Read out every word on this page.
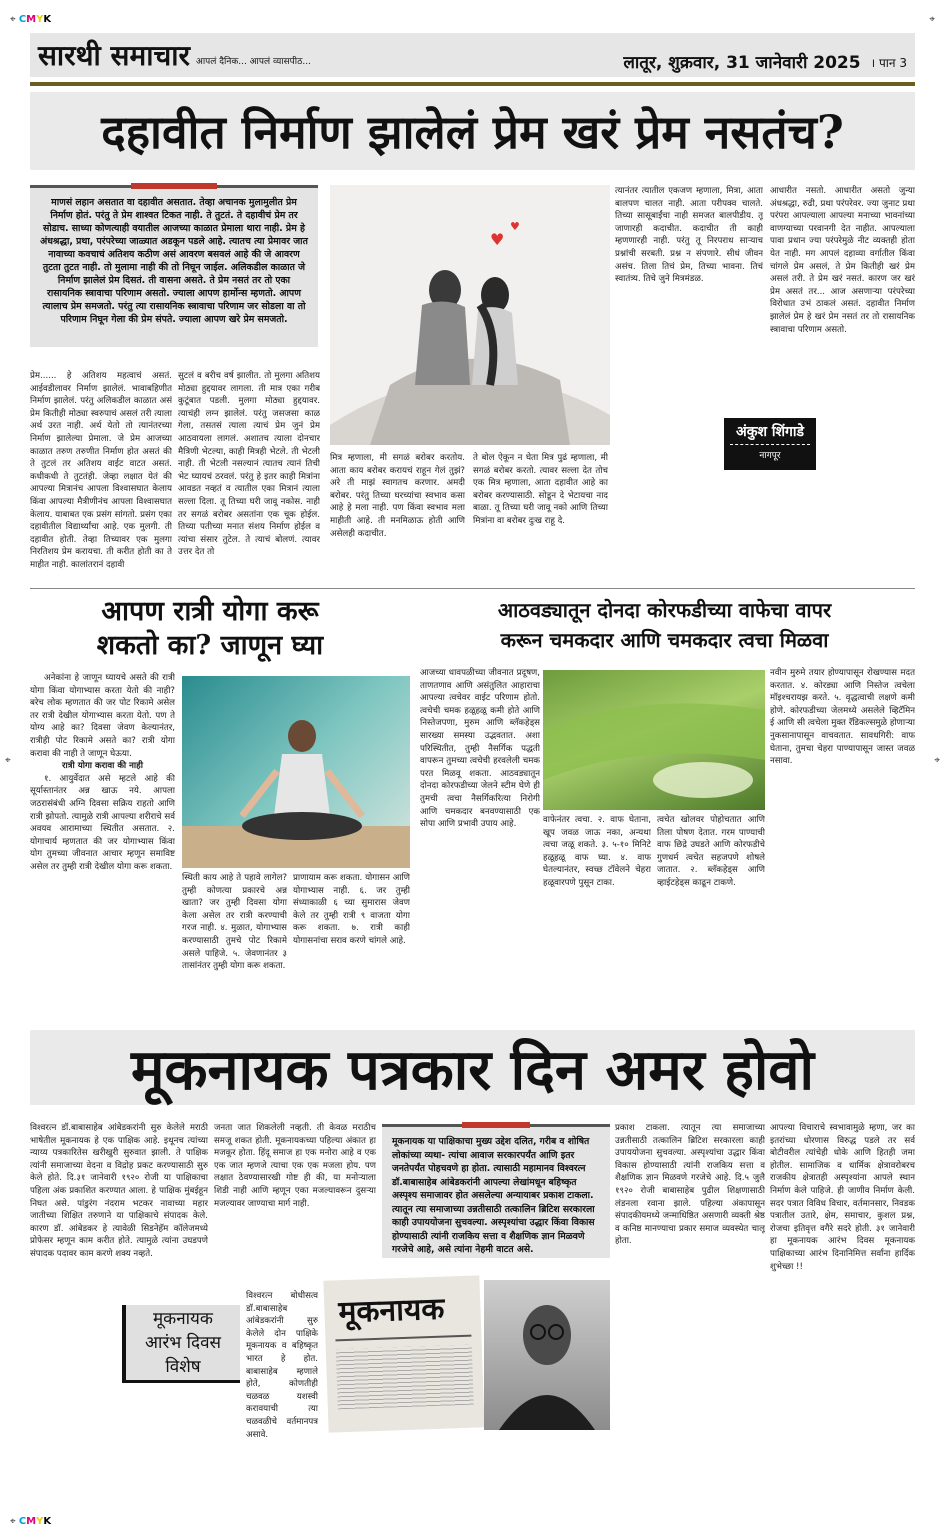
⌖ CMYK	⌖
⌖ CMYK
⌖	⌖
सारथी समाचार आपलं दैनिक... आपलं व्यासपीठ...	लातूर, शुक्रवार, 31 जानेवारी 2025 । पान 3
दहावीत निर्माण झालेलं प्रेम खरं प्रेम नसतंच?
माणसं लहान असतात वा दहावीत असतात. तेव्हा अचानक मुलामुलीत प्रेम निर्माण होतं. परंतु ते प्रेम शाश्वत टिकत नाही. ते तुटतं. ते दहावीचं प्रेम तर सोडाच. साध्या कोणत्याही वयातील आजच्या काळात प्रेमाला थारा नाही. प्रेम हे अंधश्रद्धा, प्रथा, परंपरेच्या जाळ्यात अडकून पडले आहे. त्यातच त्या प्रेमावर जात नावाच्या कवचाचं अतिशय कठीण असं आवरण बसवलं आहे की जे आवरण तुटता तुटत नाही. तो मुलामा नाही की तो निघून जाईल. अलिकडील काळात जे निर्माण झालेलं प्रेम दिसतं. ती वासना असते. ते प्रेम नसतं तर तो एका रासायनिक स्त्रावाचा परिणाम असतो. ज्याला आपण हार्मोन्स म्हणतो. आपण त्यालाच प्रेम समजतो. परंतु त्या रासायनिक स्त्रावाचा परिणाम जर सोडला वा तो परिणाम निघून गेला की प्रेम संपते. ज्याला आपण खरे प्रेम समजतो.
♥
♥
प्रेम...... हे अतिशय महत्वाचं असतं. आईवडीलावर निर्माण झालेलं. भावाबहिणीत निर्माण झालेलं. परंतु अलिकडील काळात असं प्रेम कितीही मोठ्या स्वरुपाचं असलं तरी त्याला अर्थ उरत नाही. अर्थ येतो तो त्यानंतरच्या निर्माण झालेल्या प्रेमाला. जे प्रेम आजच्या काळात तरुण तरुणीत निर्माण होत असतं की ते तुटलं तर अतिशय वाईट वाटत असतं. कधीकधी ते तुटतंही. जेव्हा लक्षात येतं की आपल्या मित्रानंच आपला विश्वासघात केलाय किंवा आपल्या मैत्रीणीनंच आपला विश्वासघात केलाय. याबाबत एक प्रसंग सांगतो. प्रसंग एका दहावीतील विद्यार्थ्यांचा आहे. एक मुलगी. ती दहावीत होती. तेव्हा तिच्यावर एक मुलगा निरतिशय प्रेम करायचा. ती करीत होती का ते माहीत नाही. कालांतरानं दहावी
सुटलं व बरीच वर्ष झालीत. तो मुलगा अतिशय मोठ्या हुद्दयावर लागला. ती मात्र एका गरीब कुटूंबात पडली. मुलगा मोठ्या हुद्दयावर. त्याचंही लग्न झालेलं. परंतु जसजसा काळ गेला, तसतसं त्याला त्याचं प्रेम जुनं प्रेम आठवायला लागलं. अशातच त्याला दोनचार मैत्रिणी भेटल्या, काही मित्रही भेटले. ती भेटली नाही. ती भेटली नसल्यानं त्यातच त्यानं तिची भेट घ्यायचं ठरवलं. परंतु हे इतर काही मित्रांना आवडत नव्हतं व त्यातील एका मित्रानं त्याला सल्ला दिला. तू तिच्या घरी जावू नकोस. नाही तर सगळं बरोबर असतांना एक चूक होईल. तिच्या पतीच्या मनात संशय निर्माण होईल व त्यांचा संसार तुटेल. ते त्याचं बोलणं. त्यावर उत्तर देत तो
मित्र म्हणाला, मी सगळं बरोबर करतोय. आता काय बरोबर करायचं राहून गेलं तुझं? अरे ती माझं स्वागतच करणार. अमदी बरोबर. परंतु तिच्या घरच्यांचा स्वभाव कसा आहे हे मला नाही. पण किंवा स्वभाव मला माहीती आहे. ती मनमिळाऊ होती आणि असेलही कदाचीत.
ते बोल ऐकून न घेता मित्र पुढं म्हणाला, मी सगळं बरोबर करतो. त्यावर सल्ला देत तोच एक मित्र म्हणाला, आता दहावीत आहे का बरोबर करण्यासाठी. सोडून दे भेटायचा नाद बाळा. तू तिच्या घरी जावू नको आणि तिच्या मित्रांना वा बरोबर दुःख राहू दे.
त्यानंतर त्यातील एकजण म्हणाला, मित्रा, आता बालपण चालत नाही. आता परीपक्व चालते. तिच्या सासूबाईंचा नाही समजत बालपीडीय. तू जाणारही कदाचीत. कदाचीत ती काही म्हणणारही नाही. परंतु तू निरपराध साऱ्याच प्रश्नांची सरबती. प्रश्न न संपणारे. सीधं जीवन असंच. तिला तिचं प्रेम, तिच्या भावना. तिचं स्वातंत्र्य. तिचे जुने मित्रमंडळ.
आधारीत नसतो. आधारीत असतो जुन्या अंधश्रद्धा, रुढी, प्रथा परंपरेवर. ज्या जुनाट प्रथा परंपरा आपल्याला आपल्या मनाच्या भावनांच्या वाणग्याच्या परवानगी देत नाहीत. आपल्याला पावा प्रधान ज्या परंपरेमुळे नीट व्यक्तही होता येत नाही. मग आपलं दहाव्या वर्गातील किंवा चांगले प्रेम असलं, ते प्रेम कितीही खरं प्रेम असलं तरी. ते प्रेम खरं नसतं. कारण जर खरं प्रेम असतं तर... आज असणाऱ्या परंपरेच्या विरोधात उभं ठाकलं असतं. दहावीत निर्माण झालेलं प्रेम हे खरं प्रेम नसतं तर तो रासायनिक स्त्रावाचा परिणाम असतो.
अंकुश शिंगाडे
नागपूर
आपण रात्री योगा करू
शकतो का? जाणून घ्या

अनेकांना हे जाणून घ्यायचे असते की रात्री योगा किंवा योगाभ्यास करता येतो की नाही? बरेच लोक म्हणतात की जर पोट रिकामे असेल तर रात्री देखील योगाभ्यास करता येतो. पण ते योग्य आहे का? दिवसा जेवण केल्यानंतर, रात्रीही पोट रिकामे असते का? रात्री योगा करावा की नाही ते जाणून घेऊया.

रात्री योगा करावा की नाही

१. आयुर्वेदात असे म्हटले आहे की सूर्यास्तानंतर अन्न खाऊ नये. आपला जठरासंबंधी अग्नि दिवसा सक्रिय राहतो आणि रात्री झोपतो. त्यामुळे रात्री आपल्या शरीराचे सर्व अवयव आरामाच्या स्थितीत असतात. २. योगाचार्य म्हणतात की जर योगाभ्यास किंवा योग तुमच्या जीवनात आचार म्हणून समाविष्ट असेल तर तुम्ही रात्री देखील योगा करू शकता.

स्थिती काय आहे ते पहावे लागेल? तुम्ही कोणत्या प्रकारचे अन्न खाता? जर तुम्ही दिवसा योगा केला असेल तर रात्री करण्याची गरज नाही. ४. मुळात, योगाभ्यास करण्यासाठी तुमचे पोट रिकामे असले पाहिजे. ५. जेवणानंतर ३ तासांनंतर तुम्ही योगा करू शकता.
प्राणायाम करू शकता. योगासन आणि योगाभ्यास नाही. ६. जर तुम्ही संध्याकाळी ६ च्या सुमारास जेवण केले तर तुम्ही रात्री ९ वाजता योगा करू शकता. ७. रात्री काही योगासनांचा सराव करणे चांगले आहे.
आठवड्यातून दोनदा कोरफडीच्या वाफेचा वापर
करून चमकदार आणि चमकदार त्वचा मिळवा
आजच्या धावपळीच्या जीवनात प्रदूषण, ताणतणाव आणि असंतुलित आहाराचा आपल्या त्वचेवर वाईट परिणाम होतो. त्वचेची चमक हळूहळू कमी होते आणि निस्तेजपणा, मुरुम आणि ब्लॅकहेड्स सारख्या समस्या उद्भवतात. अशा परिस्थितीत, तुम्ही नैसर्गिक पद्धती वापरून तुमच्या त्वचेची हरवलेली चमक परत मिळवू शकता. आठवड्यातून दोनदा कोरफडीच्या जेलने स्टीम घेणे ही तुमची त्वचा नैसर्गिकरित्या निरोगी आणि चमकदार बनवण्यासाठी एक सोपा आणि प्रभावी उपाय आहे.	वाफेनंतर त्वचा. २. वाफ घेताना, खूप जवळ जाऊ नका, अन्यथा त्वचा जळू शकते. ३. ५-१० मिनिटे हळूहळू वाफ घ्या. ४. वाफ घेतल्यानंतर, स्वच्छ टॉवेलने चेहरा हळूवारपणे पुसून टाका.
त्वचेत खोलवर पोहोचतात आणि तिला पोषण देतात. गरम पाण्याची वाफ छिद्रे उघडते आणि कोरफडीचे गुणधर्म त्वचेत सहजपणे शोषले जातात. २. ब्लॅकहेड्स आणि व्हाईटहेड्स काढून टाकणे.
नवीन मुरुमे तयार होण्यापासून रोखण्यास मदत करतात. ४. कोरड्या आणि निस्तेज त्वचेला मॉइश्चरायझ करते. ५. वृद्धत्वाची लक्षणे कमी होणे. कोरफडीच्या जेलमध्ये असलेले व्हिटॅमिन ई आणि सी त्वचेला मुक्त रॅडिकल्समुळे होणाऱ्या नुकसानापासून वाचवतात. सावधगिरी: वाफ घेताना, तुमचा चेहरा पाण्यापासून जास्त जवळ नसावा.
मूकनायक पत्रकार दिन अमर होवो
विश्वरत्न डॉ.बाबासाहेब आंबेडकरांनी सुरु केलेले मराठी भाषेतील मूकनायक हे एक पाक्षिक आहे. इथूनच त्यांच्या न्याय्य पत्रकारितेस खरीखुरी सुरुवात झाली. ते पाक्षिक त्यांनी समाजाच्या वेदना व विद्रोह प्रकट करण्यासाठी सुरु केले होते. दि.३१ जानेवारी १९२० रोजी या पाक्षिकाचा पहिला अंक प्रकाशित करण्यात आला. हे पाक्षिक मुंबईहून निघत असे. पांडुरंग नंदराम भटकर नावाच्या महार जातीच्या शिक्षित तरुणाने या पाक्षिकाचे संपादक केले. कारण डॉ. आंबेडकर हे त्यावेळी सिडनेहॅम कॉलेजमध्ये प्रोफेसर म्हणून काम करीत होते. त्यामुळे त्यांना उघडपणे संपादक पदावर काम करणे शक्य नव्हते.
जनता जात शिकलेली नव्हती. ती केवळ मराठीच समजू शकत होती. मूकनायकच्या पहिल्या अंकात हा मजकूर होता. हिंदू समाज हा एक मनोरा आहे व एक एक जात म्हणजे त्याचा एक एक मजला होय. पण लक्षात ठेवण्यासारखी गोष्ट ही की, या मनोऱ्याला शिडी नाही आणि म्हणून एका मजल्यावरून दुसऱ्या मजल्यावर जाण्याचा मार्ग नाही.
मूकनायक या पाक्षिकाचा मुख्य उद्देश दलित, गरीब व शोषित लोकांच्या व्यथा- त्यांचा आवाज सरकारपर्यंत आणि इतर जनतेपर्यंत पोहचवणे हा होता. त्यासाठी महामानव विश्वरत्न डॉ.बाबासाहेब आंबेडकरांनी आपल्या लेखांमधून बहिष्कृत अस्पृश्य समाजावर होत असलेल्या अन्यायाबर प्रकाश टाकला. त्यातून त्या समाजाच्या उन्नतीसाठी तत्कालिन ब्रिटिश सरकारला काही उपाययोजना सुचवल्या. अस्पृश्यांचा उद्धार किंवा विकास होण्यासाठी त्यांनी राजकिय सत्ता व शैक्षणिक ज्ञान मिळवणे गरजेचे आहे, असे त्यांना नेहमी वाटत असे.
मूकनायक
आरंभ दिवस
विशेष
विश्वरत्न बोधीसत्व डॉ.बाबासाहेब आंबेडकरांनी सुरु केलेले दोन पाक्षिके मूकनायक व बहिष्कृत भारत हे होत. बाबासाहेब म्हणाले होते, कोणतीही चळवळ यशस्वी करावयाची त्या चळवळीचे वर्तमानपत्र असावे.
मूकनायक
प्रकाश टाकला. त्यातून त्या समाजाच्या उन्नतीसाठी तत्कालिन ब्रिटिश सरकारला काही उपाययोजना सुचवल्या. अस्पृश्यांचा उद्धार किंवा विकास होण्यासाठी त्यांनी राजकिय सत्ता व शैक्षणिक ज्ञान मिळवणे गरजेचे आहे. दि.५ जुलै १९२० रोजी बाबासाहेब पुढील शिक्षणासाठी लंडनला रवाना झाले. पहिल्या अंकापासून संपादकीयमध्ये जन्माधिष्ठित असणारी व्यक्ती श्रेष्ठ व कनिष्ठ मानण्याचा प्रकार समाज व्यवस्थेत चालू होता.
आपल्या विचाराचे स्वभावामुळे म्हणा, जर का इतरांच्या धोरणास विरुद्ध पडले तर सर्व बोटीवरील त्यांचेही धोके आणि हितही जमा होतील. सामाजिक व धार्मिक क्षेत्रावरोबरच राजकीय क्षेत्रातही अस्पृश्यांना आपले स्थान निर्माण केले पाहिजे. ही जाणीव निर्माण केली. सदर पत्रात विविध विचार, वर्तमानसार, निवडक पत्रातील उतारे, क्षेम, समाचार, कुशल प्रश्न, रोजचा इतिवृत्त वगैरे सदरे होती. ३१ जानेवारी हा मूकनायक आरंभ दिवस मूकनायक पाक्षिकाच्या आरंभ दिनानिमित्त सर्वांना हार्दिक शुभेच्छा !!
